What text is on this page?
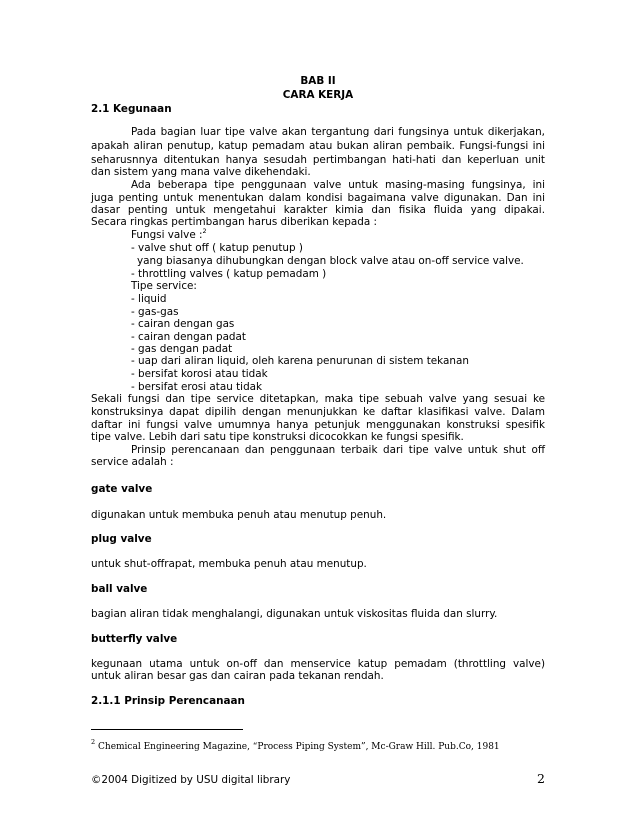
BAB II
CARA KERJA
2.1 Kegunaan
Pada bagian luar tipe valve akan tergantung dari fungsinya untuk dikerjakan,
apakah aliran penutup, katup pemadam atau bukan aliran pembaik. Fungsi-fungsi ini
seharusnnya ditentukan hanya sesudah pertimbangan hati-hati dan keperluan unit
dan sistem yang mana valve dikehendaki.
Ada beberapa tipe penggunaan valve untuk masing-masing fungsinya, ini
juga penting untuk menentukan dalam kondisi bagaimana valve digunakan. Dan ini
dasar penting untuk mengetahui karakter kimia dan fisika fluida yang dipakai.
Secara ringkas pertimbangan harus diberikan kepada :
Fungsi valve :$^2$
- valve shut off ( katup penutup )
yang biasanya dihubungkan dengan block valve atau on-off service valve.
- throttling valves ( katup pemadam )
Tipe service:
- liquid
- gas-gas
- cairan dengan gas
- cairan dengan padat
- gas dengan padat
- uap dari aliran liquid, oleh karena penurunan di sistem tekanan
- bersifat korosi atau tidak
- bersifat erosi atau tidak
Sekali fungsi dan tipe service ditetapkan, maka tipe sebuah valve yang sesuai ke
konstruksinya dapat dipilih dengan menunjukkan ke daftar klasifikasi valve. Dalam
daftar ini fungsi valve umumnya hanya petunjuk menggunakan konstruksi spesifik
tipe valve. Lebih dari satu tipe konstruksi dicocokkan ke fungsi spesifik.
Prinsip perencanaan dan penggunaan terbaik dari tipe valve untuk shut off
service adalah :
gate valve
digunakan untuk membuka penuh atau menutup penuh.
plug valve
untuk shut-offrapat, membuka penuh atau menutup.
ball valve
bagian aliran tidak menghalangi, digunakan untuk viskositas fluida dan slurry.
butterfly valve
kegunaan utama untuk on-off dan menservice katup pemadam (throttling valve)
untuk aliran besar gas dan cairan pada tekanan rendah.
2.1.1 Prinsip Perencanaan
$^2$ Chemical Engineering Magazine, “Process Piping System”, Mc-Graw Hill. Pub.Co, 1981
©2004 Digitized by USU digital library	2
